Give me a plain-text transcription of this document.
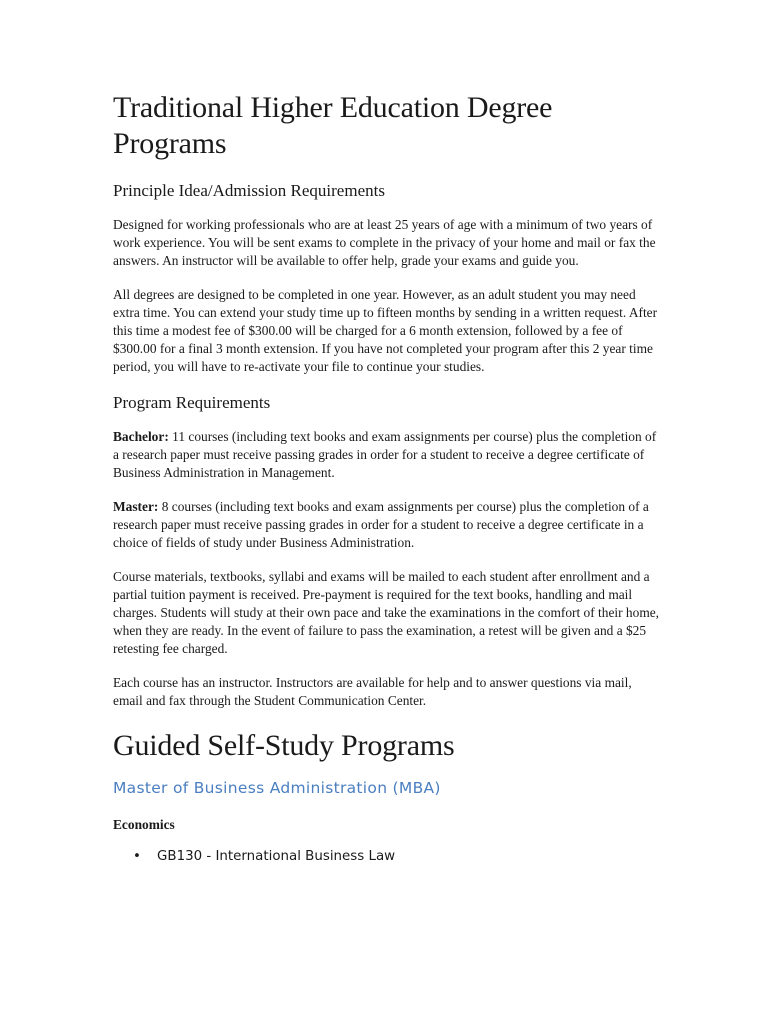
Traditional Higher Education Degree Programs
Principle Idea/Admission Requirements

Designed for working professionals who are at least 25 years of age with a minimum of two years of work experience. You will be sent exams to complete in the privacy of your home and mail or fax the answers. An instructor will be available to offer help, grade your exams and guide you.

All degrees are designed to be completed in one year. However, as an adult student you may need extra time. You can extend your study time up to fifteen months by sending in a written request. After this time a modest fee of $300.00 will be charged for a 6 month extension, followed by a fee of $300.00 for a final 3 month extension. If you have not completed your program after this 2 year time period, you will have to re-activate your file to continue your studies.

Program Requirements

Bachelor: 11 courses (including text books and exam assignments per course) plus the completion of a research paper must receive passing grades in order for a student to receive a degree certificate of Business Administration in Management.

Master: 8 courses (including text books and exam assignments per course) plus the completion of a research paper must receive passing grades in order for a student to receive a degree certificate in a choice of fields of study under Business Administration.

Course materials, textbooks, syllabi and exams will be mailed to each student after enrollment and a partial tuition payment is received. Pre-payment is required for the text books, handling and mail charges. Students will study at their own pace and take the examinations in the comfort of their home, when they are ready. In the event of failure to pass the examination, a retest will be given and a $25 retesting fee charged.

Each course has an instructor. Instructors are available for help and to answer questions via mail, email and fax through the Student Communication Center.

Guided Self-Study Programs
Master of Business Administration (MBA)
Economics
• GB130 - International Business Law
